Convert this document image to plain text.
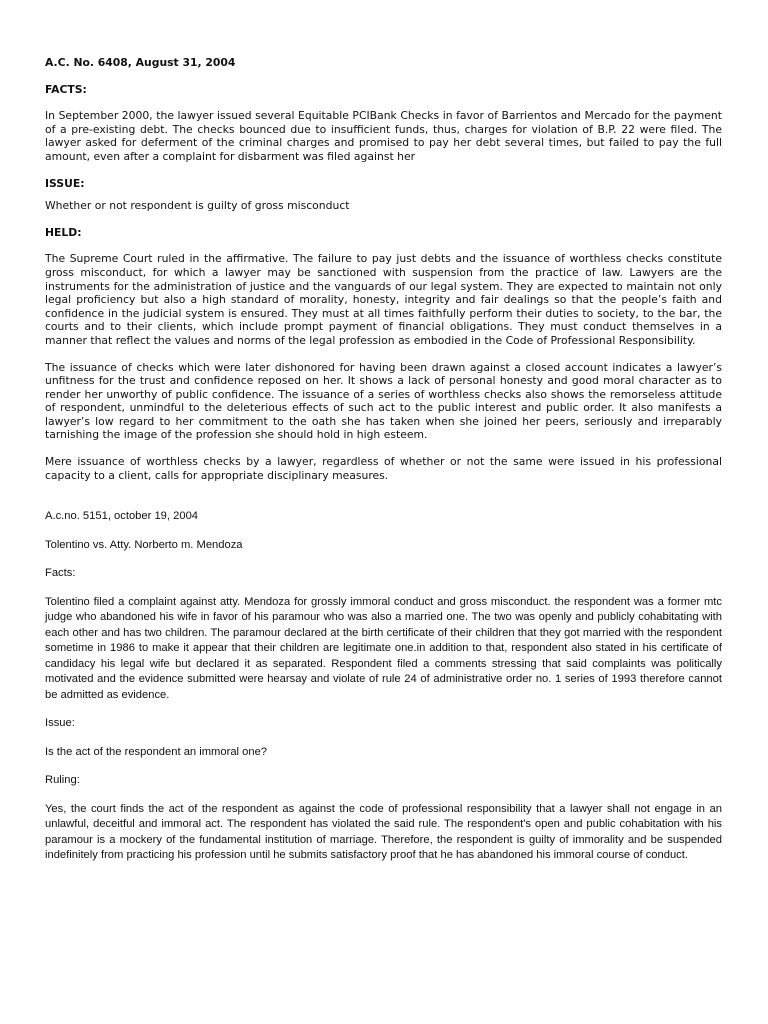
A.C. No. 6408, August 31, 2004

FACTS:

In September 2000, the lawyer issued several Equitable PCIBank Checks in favor of Barrientos and Mercado for the payment of a pre-existing debt. The checks bounced due to insufficient funds, thus, charges for violation of B.P. 22 were filed. The lawyer asked for deferment of the criminal charges and promised to pay her debt several times, but failed to pay the full amount, even after a complaint for disbarment was filed against her

ISSUE:

Whether or not respondent is guilty of gross misconduct

HELD:

The Supreme Court ruled in the affirmative. The failure to pay just debts and the issuance of worthless checks constitute gross misconduct, for which a lawyer may be sanctioned with suspension from the practice of law. Lawyers are the instruments for the administration of justice and the vanguards of our legal system. They are expected to maintain not only legal proficiency but also a high standard of morality, honesty, integrity and fair dealings so that the people’s faith and confidence in the judicial system is ensured. They must at all times faithfully perform their duties to society, to the bar, the courts and to their clients, which include prompt payment of financial obligations. They must conduct themselves in a manner that reflect the values and norms of the legal profession as embodied in the Code of Professional Responsibility.

The issuance of checks which were later dishonored for having been drawn against a closed account indicates a lawyer’s unfitness for the trust and confidence reposed on her. It shows a lack of personal honesty and good moral character as to render her unworthy of public confidence. The issuance of a series of worthless checks also shows the remorseless attitude of respondent, unmindful to the deleterious effects of such act to the public interest and public order. It also manifests a lawyer’s low regard to her commitment to the oath she has taken when she joined her peers, seriously and irreparably tarnishing the image of the profession she should hold in high esteem.

Mere issuance of worthless checks by a lawyer, regardless of whether or not the same were issued in his professional capacity to a client, calls for appropriate disciplinary measures.

A.c.no. 5151, october 19, 2004

Tolentino vs. Atty. Norberto m. Mendoza

Facts:

Tolentino filed a complaint against atty. Mendoza for grossly immoral conduct and gross misconduct. the respondent was a former mtc judge who abandoned his wife in favor of his paramour who was also a married one. The two was openly and publicly cohabitating with each other and has two children. The paramour declared at the birth certificate of their children that they got married with the respondent sometime in 1986 to make it appear that their children are legitimate one.in addition to that, respondent also stated in his certificate of candidacy his legal wife but declared it as separated. Respondent filed a comments stressing that said complaints was politically motivated and the evidence submitted were hearsay and violate of rule 24 of administrative order no. 1 series of 1993 therefore cannot be admitted as evidence.

Issue:

Is the act of the respondent an immoral one?

Ruling:

Yes, the court finds the act of the respondent as against the code of professional responsibility that a lawyer shall not engage in an unlawful, deceitful and immoral act. The respondent has violated the said rule. The respondent's open and public cohabitation with his paramour is a mockery of the fundamental institution of marriage. Therefore, the respondent is guilty of immorality and be suspended indefinitely from practicing his profession until he submits satisfactory proof that he has abandoned his immoral course of conduct.
